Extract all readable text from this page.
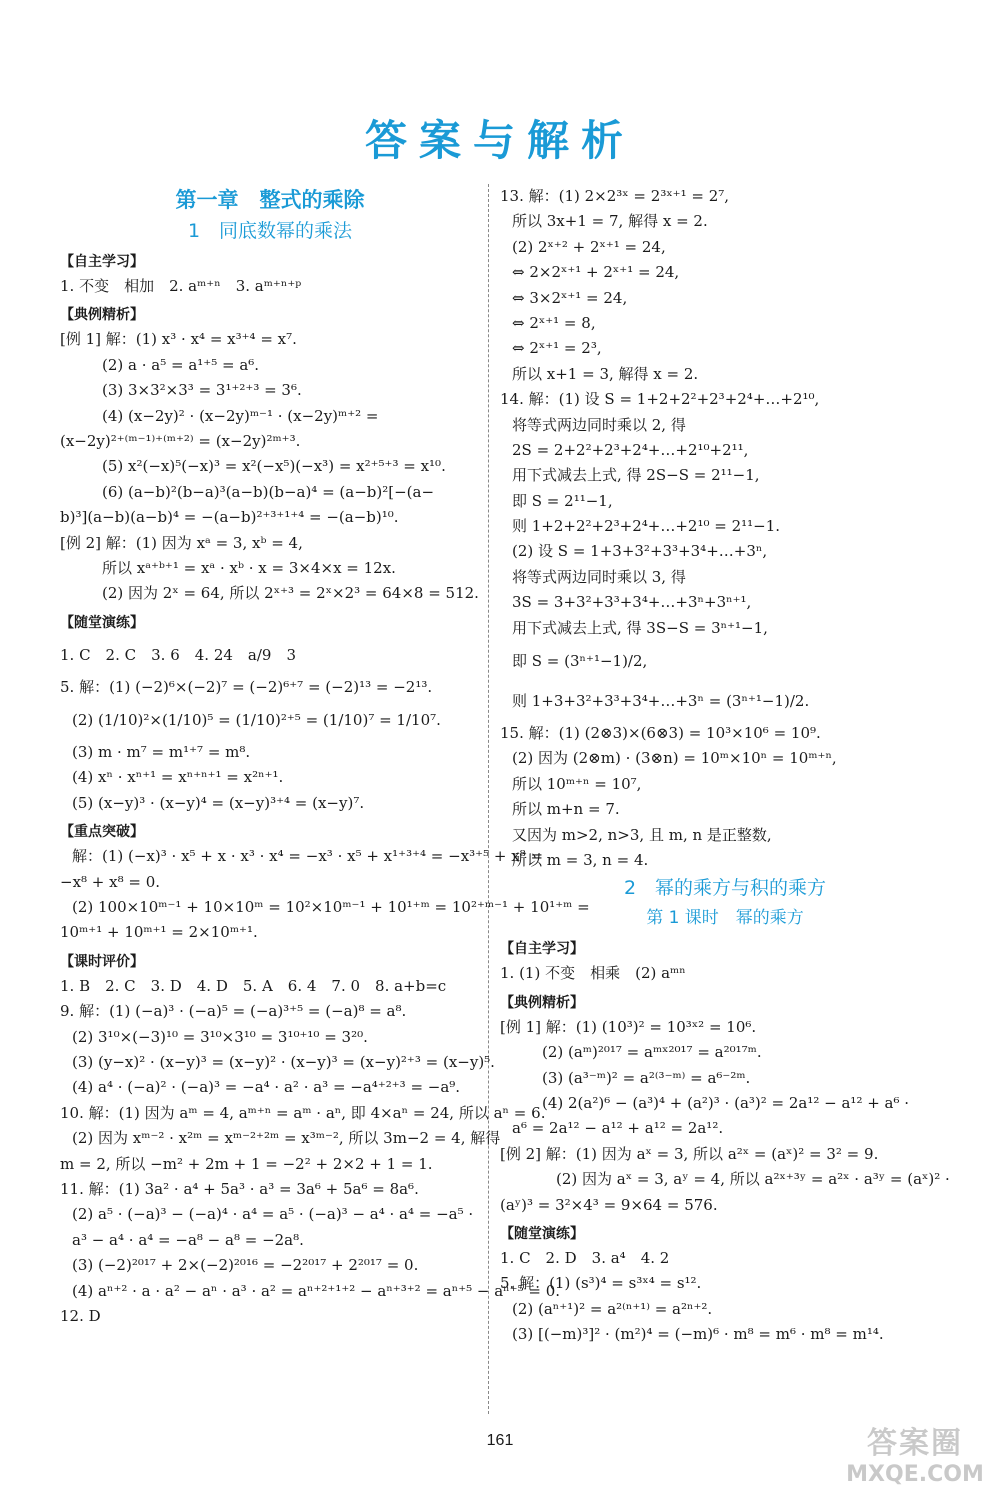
答案与解析
第一章　整式的乘除
1　同底数幂的乘法
【自主学习】
1. 不变　相加　2. aᵐ⁺ⁿ　3. aᵐ⁺ⁿ⁺ᵖ
【典例精析】
[例 1] 解：(1) x³ · x⁴ = x³⁺⁴ = x⁷.
(2) a · a⁵ = a¹⁺⁵ = a⁶.
(3) 3×3²×3³ = 3¹⁺²⁺³ = 3⁶.
(4) (x−2y)² · (x−2y)ᵐ⁻¹ · (x−2y)ᵐ⁺² =
(x−2y)²⁺⁽ᵐ⁻¹⁾⁺⁽ᵐ⁺²⁾ = (x−2y)²ᵐ⁺³.
(5) x²(−x)⁵(−x)³ = x²(−x⁵)(−x³) = x²⁺⁵⁺³ = x¹⁰.
(6) (a−b)²(b−a)³(a−b)(b−a)⁴ = (a−b)²[−(a−
b)³](a−b)(a−b)⁴ = −(a−b)²⁺³⁺¹⁺⁴ = −(a−b)¹⁰.
[例 2] 解：(1) 因为 xᵃ = 3, xᵇ = 4,
所以 xᵃ⁺ᵇ⁺¹ = xᵃ · xᵇ · x = 3×4×x = 12x.
(2) 因为 2ˣ = 64, 所以 2ˣ⁺³ = 2ˣ×2³ = 64×8 = 512.
【随堂演练】
1. C　2. C　3. 6　4. 24　a/9　3
5. 解：(1) (−2)⁶×(−2)⁷ = (−2)⁶⁺⁷ = (−2)¹³ = −2¹³.
(2) (1/10)²×(1/10)⁵ = (1/10)²⁺⁵ = (1/10)⁷ = 1/10⁷.
(3) m · m⁷ = m¹⁺⁷ = m⁸.
(4) xⁿ · xⁿ⁺¹ = xⁿ⁺ⁿ⁺¹ = x²ⁿ⁺¹.
(5) (x−y)³ · (x−y)⁴ = (x−y)³⁺⁴ = (x−y)⁷.
【重点突破】
解：(1) (−x)³ · x⁵ + x · x³ · x⁴ = −x³ · x⁵ + x¹⁺³⁺⁴ = −x³⁺⁵ + x⁸ =
−x⁸ + x⁸ = 0.
(2) 100×10ᵐ⁻¹ + 10×10ᵐ = 10²×10ᵐ⁻¹ + 10¹⁺ᵐ = 10²⁺ᵐ⁻¹ + 10¹⁺ᵐ =
10ᵐ⁺¹ + 10ᵐ⁺¹ = 2×10ᵐ⁺¹.
【课时评价】
1. B　2. C　3. D　4. D　5. A　6. 4　7. 0　8. a+b=c
9. 解：(1) (−a)³ · (−a)⁵ = (−a)³⁺⁵ = (−a)⁸ = a⁸.
(2) 3¹⁰×(−3)¹⁰ = 3¹⁰×3¹⁰ = 3¹⁰⁺¹⁰ = 3²⁰.
(3) (y−x)² · (x−y)³ = (x−y)² · (x−y)³ = (x−y)²⁺³ = (x−y)⁵.
(4) a⁴ · (−a)² · (−a)³ = −a⁴ · a² · a³ = −a⁴⁺²⁺³ = −a⁹.
10. 解：(1) 因为 aᵐ = 4, aᵐ⁺ⁿ = aᵐ · aⁿ, 即 4×aⁿ = 24, 所以 aⁿ = 6.
(2) 因为 xᵐ⁻² · x²ᵐ = xᵐ⁻²⁺²ᵐ = x³ᵐ⁻², 所以 3m−2 = 4, 解得
m = 2, 所以 −m² + 2m + 1 = −2² + 2×2 + 1 = 1.
11. 解：(1) 3a² · a⁴ + 5a³ · a³ = 3a⁶ + 5a⁶ = 8a⁶.
(2) a⁵ · (−a)³ − (−a)⁴ · a⁴ = a⁵ · (−a)³ − a⁴ · a⁴ = −a⁵ ·
a³ − a⁴ · a⁴ = −a⁸ − a⁸ = −2a⁸.
(3) (−2)²⁰¹⁷ + 2×(−2)²⁰¹⁶ = −2²⁰¹⁷ + 2²⁰¹⁷ = 0.
(4) aⁿ⁺² · a · a² − aⁿ · a³ · a² = aⁿ⁺²⁺¹⁺² − aⁿ⁺³⁺² = aⁿ⁺⁵ − aⁿ⁺⁵ = 0.
12. D
13. 解：(1) 2×2³ˣ = 2³ˣ⁺¹ = 2⁷,
所以 3x+1 = 7, 解得 x = 2.
(2) 2ˣ⁺² + 2ˣ⁺¹ = 24,
⇔ 2×2ˣ⁺¹ + 2ˣ⁺¹ = 24,
⇔ 3×2ˣ⁺¹ = 24,
⇔ 2ˣ⁺¹ = 8,
⇔ 2ˣ⁺¹ = 2³,
所以 x+1 = 3, 解得 x = 2.
14. 解：(1) 设 S = 1+2+2²+2³+2⁴+…+2¹⁰,
将等式两边同时乘以 2, 得
2S = 2+2²+2³+2⁴+…+2¹⁰+2¹¹,
用下式减去上式, 得 2S−S = 2¹¹−1,
即 S = 2¹¹−1,
则 1+2+2²+2³+2⁴+…+2¹⁰ = 2¹¹−1.
(2) 设 S = 1+3+3²+3³+3⁴+…+3ⁿ,
将等式两边同时乘以 3, 得
3S = 3+3²+3³+3⁴+…+3ⁿ+3ⁿ⁺¹,
用下式减去上式, 得 3S−S = 3ⁿ⁺¹−1,
即 S = (3ⁿ⁺¹−1)/2,
则 1+3+3²+3³+3⁴+…+3ⁿ = (3ⁿ⁺¹−1)/2.
15. 解：(1) (2⊗3)×(6⊗3) = 10³×10⁶ = 10⁹.
(2) 因为 (2⊗m) · (3⊗n) = 10ᵐ×10ⁿ = 10ᵐ⁺ⁿ,
所以 10ᵐ⁺ⁿ = 10⁷,
所以 m+n = 7.
又因为 m>2, n>3, 且 m, n 是正整数,
所以 m = 3, n = 4.
2　幂的乘方与积的乘方
第 1 课时　幂的乘方
【自主学习】
1. (1) 不变　相乘　(2) aᵐⁿ
【典例精析】
[例 1] 解：(1) (10³)² = 10³ˣ² = 10⁶.
(2) (aᵐ)²⁰¹⁷ = aᵐˣ²⁰¹⁷ = a²⁰¹⁷ᵐ.
(3) (a³⁻ᵐ)² = a²⁽³⁻ᵐ⁾ = a⁶⁻²ᵐ.
(4) 2(a²)⁶ − (a³)⁴ + (a²)³ · (a³)² = 2a¹² − a¹² + a⁶ ·
a⁶ = 2a¹² − a¹² + a¹² = 2a¹².
[例 2] 解：(1) 因为 aˣ = 3, 所以 a²ˣ = (aˣ)² = 3² = 9.
(2) 因为 aˣ = 3, aʸ = 4, 所以 a²ˣ⁺³ʸ = a²ˣ · a³ʸ = (aˣ)² ·
(aʸ)³ = 3²×4³ = 9×64 = 576.
【随堂演练】
1. C　2. D　3. a⁴　4. 2
5. 解：(1) (s³)⁴ = s³ˣ⁴ = s¹².
(2) (aⁿ⁺¹)² = a²⁽ⁿ⁺¹⁾ = a²ⁿ⁺².
(3) [(−m)³]² · (m²)⁴ = (−m)⁶ · m⁸ = m⁶ · m⁸ = m¹⁴.
161	答案圈
MXQE.COM
